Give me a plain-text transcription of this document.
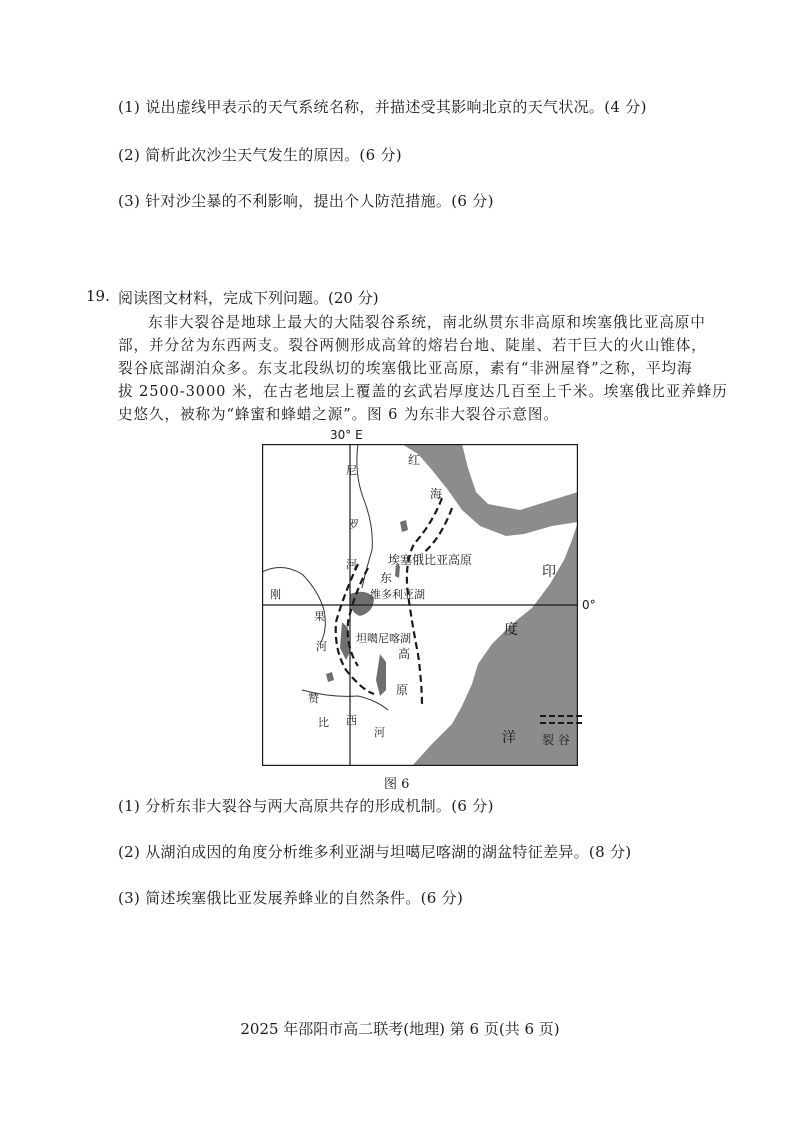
(1) 说出虚线甲表示的天气系统名称，并描述受其影响北京的天气状况。(4 分)
(2) 简析此次沙尘天气发生的原因。(6 分)
(3) 针对沙尘暴的不利影响，提出个人防范措施。(6 分)
19. 阅读图文材料，完成下列问题。(20 分)
东非大裂谷是地球上最大的大陆裂谷系统，南北纵贯东非高原和埃塞俄比亚高原中
部，并分岔为东西两支。裂谷两侧形成高耸的熔岩台地、陡崖、若干巨大的火山锥体，
裂谷底部湖泊众多。东支北段纵切的埃塞俄比亚高原，素有“非洲屋脊”之称，平均海
拔 2500-3000 米，在古老地层上覆盖的玄武岩厚度达几百至上千米。埃塞俄比亚养蜂历
史悠久，被称为“蜂蜜和蜂蜡之源”。图 6 为东非大裂谷示意图。
红
海
印
度
洋
埃塞俄比亚高原
东
维多利亚湖
坦噶尼喀湖
高
原
尼
罗
河
刚
果
河
赞
比 西
河
30° E
0°
裂 谷
图 6
(1) 分析东非大裂谷与两大高原共存的形成机制。(6 分)
(2) 从湖泊成因的角度分析维多利亚湖与坦噶尼喀湖的湖盆特征差异。(8 分)
(3) 简述埃塞俄比亚发展养蜂业的自然条件。(6 分)
2025 年邵阳市高二联考(地理) 第 6 页(共 6 页)
